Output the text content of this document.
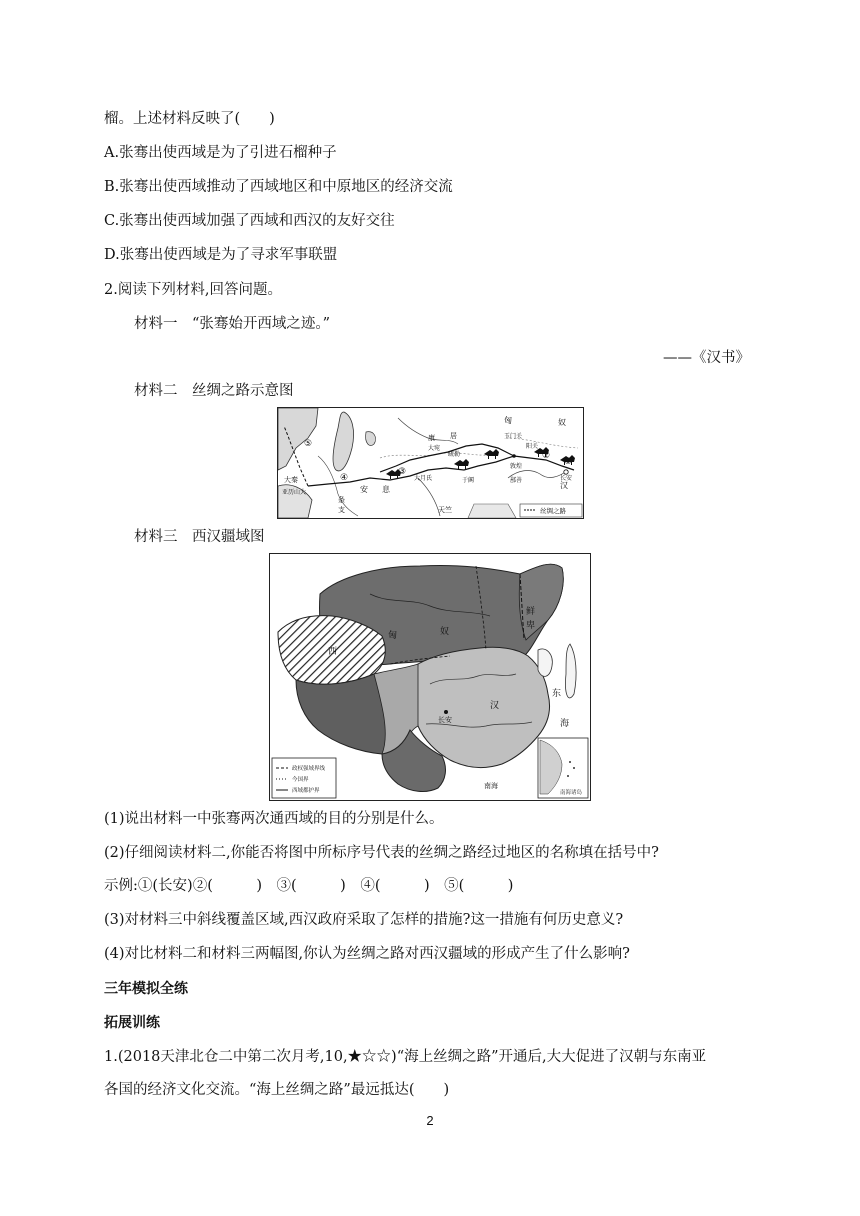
榴。上述材料反映了(　　)
A.张骞出使西域是为了引进石榴种子
B.张骞出使西域推动了西域地区和中原地区的经济交流
C.张骞出使西域加强了西域和西汉的友好交往
D.张骞出使西域是为了寻求军事联盟
2.阅读下列材料,回答问题。
材料一　“张骞始开西域之迹。”
——《汉书》
材料二　丝绸之路示意图
匈	奴
康 居
大宛
玉门关
阳关
敦煌
疏勒
鄯善
于阗
大月氏
安 息
条
支
大秦
天竺
亚历山大
汉
长安
①
②
③
④
⑤
丝绸之路
材料三　西汉疆域图
南海诸岛
政权强域界线
今国界
西域都护界
匈	奴
鲜
卑
西
长安
汉
东
海
南海
(1)说出材料一中张骞两次通西域的目的分别是什么。
(2)仔细阅读材料二,你能否将图中所标序号代表的丝绸之路经过地区的名称填在括号中?
示例:①(长安)②(　　　)　③(　　　)　④(　　　)　⑤(　　　)
(3)对材料三中斜线覆盖区域,西汉政府采取了怎样的措施?这一措施有何历史意义?
(4)对比材料二和材料三两幅图,你认为丝绸之路对西汉疆域的形成产生了什么影响?
三年模拟全练
拓展训练
1.(2018天津北仓二中第二次月考,10,★☆☆)“海上丝绸之路”开通后,大大促进了汉朝与东南亚
各国的经济文化交流。“海上丝绸之路”最远抵达(　　)
2
